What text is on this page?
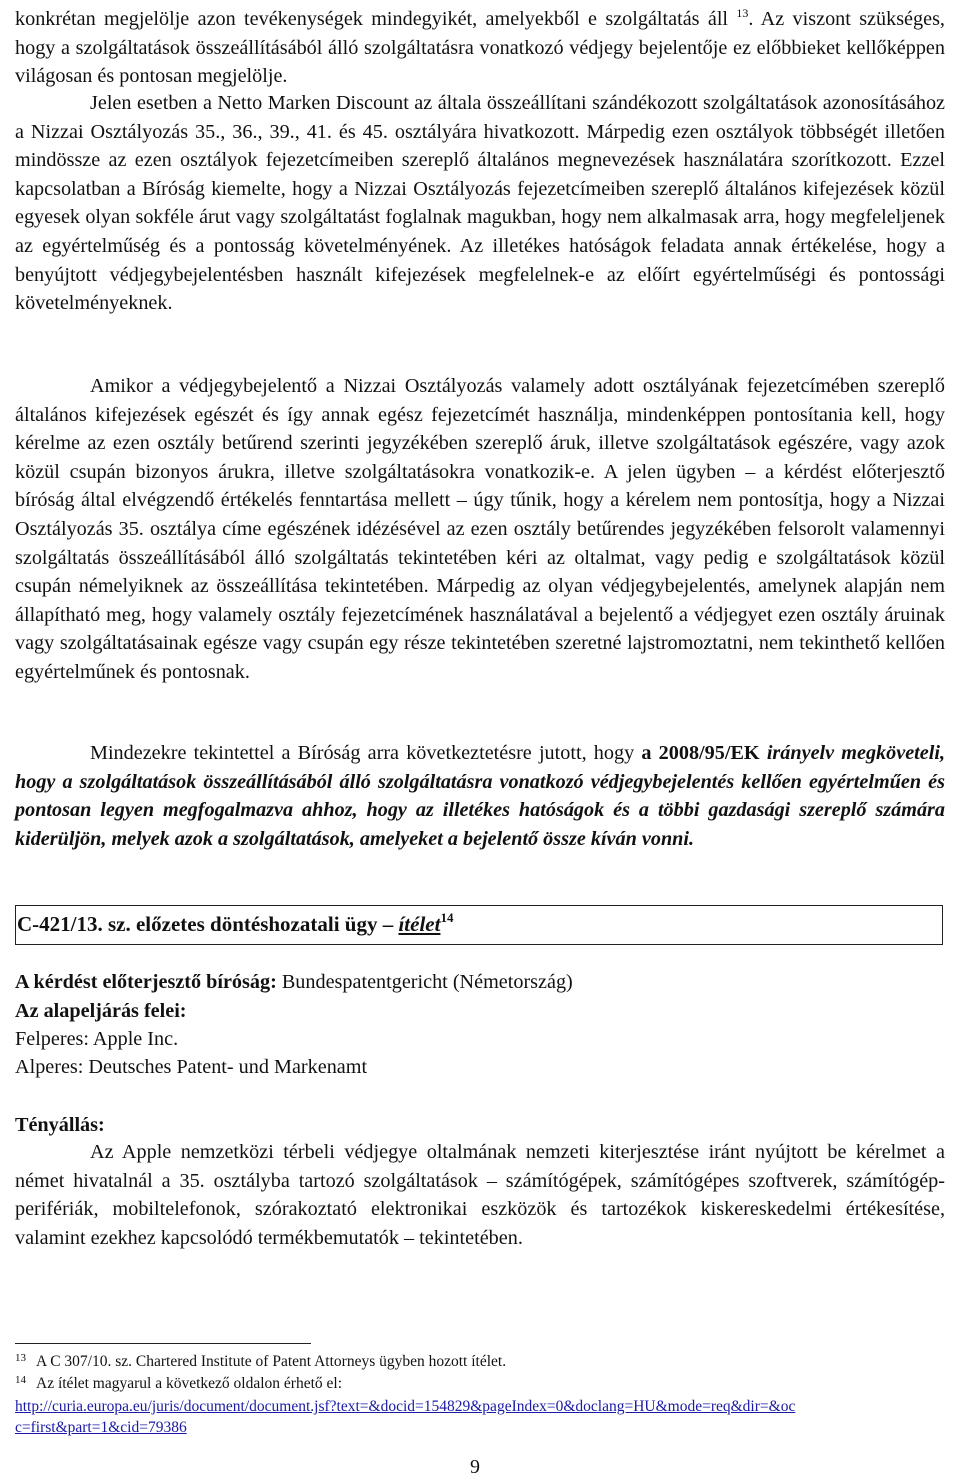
konkrétan megjelölje azon tevékenységek mindegyikét, amelyekből e szolgáltatás áll $^{13}$. Az viszont szükséges, hogy a szolgáltatások összeállításából álló szolgáltatásra vonatkozó védjegy bejelentője ez előbbieket kellőképpen világosan és pontosan megjelölje.

Jelen esetben a Netto Marken Discount az általa összeállítani szándékozott szolgáltatások azonosításához a Nizzai Osztályozás 35., 36., 39., 41. és 45. osztályára hivatkozott. Márpedig ezen osztályok többségét illetően mindössze az ezen osztályok fejezetcímeiben szereplő általános megnevezések használatára szorítkozott. Ezzel kapcsolatban a Bíróság kiemelte, hogy a Nizzai Osztályozás fejezetcímeiben szereplő általános kifejezések közül egyesek olyan sokféle árut vagy szolgáltatást foglalnak magukban, hogy nem alkalmasak arra, hogy megfeleljenek az egyértelműség és a pontosság követelményének. Az illetékes hatóságok feladata annak értékelése, hogy a benyújtott védjegybejelentésben használt kifejezések megfelelnek-e az előírt egyértelműségi és pontossági követelményeknek.

Amikor a védjegybejelentő a Nizzai Osztályozás valamely adott osztályának fejezetcímében szereplő általános kifejezések egészét és így annak egész fejezetcímét használja, mindenképpen pontosítania kell, hogy kérelme az ezen osztály betűrend szerinti jegyzékében szereplő áruk, illetve szolgáltatások egészére, vagy azok közül csupán bizonyos árukra, illetve szolgáltatásokra vonatkozik-e. A jelen ügyben – a kérdést előterjesztő bíróság által elvégzendő értékelés fenntartása mellett – úgy tűnik, hogy a kérelem nem pontosítja, hogy a Nizzai Osztályozás 35. osztálya címe egészének idézésével az ezen osztály betűrendes jegyzékében felsorolt valamennyi szolgáltatás összeállításából álló szolgáltatás tekintetében kéri az oltalmat, vagy pedig e szolgáltatások közül csupán némelyiknek az összeállítása tekintetében. Márpedig az olyan védjegybejelentés, amelynek alapján nem állapítható meg, hogy valamely osztály fejezetcímének használatával a bejelentő a védjegyet ezen osztály áruinak vagy szolgáltatásainak egésze vagy csupán egy része tekintetében szeretné lajstromoztatni, nem tekinthető kellően egyértelműnek és pontosnak.

Mindezekre tekintettel a Bíróság arra következtetésre jutott, hogy a 2008/95/EK irányelv megköveteli, hogy a szolgáltatások összeállításából álló szolgáltatásra vonatkozó védjegybejelentés kellően egyértelműen és pontosan legyen megfogalmazva ahhoz, hogy az illetékes hatóságok és a többi gazdasági szereplő számára kiderüljön, melyek azok a szolgáltatások, amelyeket a bejelentő össze kíván vonni.

C-421/13. sz. előzetes döntéshozatali ügy – ítélet$^{14}$
A kérdést előterjesztő bíróság: Bundespatentgericht (Németország)
Az alapeljárás felei:
Felperes: Apple Inc.
Alperes: Deutsches Patent- und Markenamt
Tényállás:

Az Apple nemzetközi térbeli védjegye oltalmának nemzeti kiterjesztése iránt nyújtott be kérelmet a német hivatalnál a 35. osztályba tartozó szolgáltatások – számítógépek, számítógépes szoftverek, számítógép-perifériák, mobiltelefonok, szórakoztató elektronikai eszközök és tartozékok kiskereskedelmi értékesítése, valamint ezekhez kapcsolódó termékbemutatók – tekintetében.

$^{13}$ A C 307/10. sz. Chartered Institute of Patent Attorneys ügyben hozott ítélet.
$^{14}$ Az ítélet magyarul a következő oldalon érhető el:
http://curia.europa.eu/juris/document/document.jsf?text=&docid=154829&pageIndex=0&doclang=HU&mode=req&dir=&oc
c=first&part=1&cid=79386
9
